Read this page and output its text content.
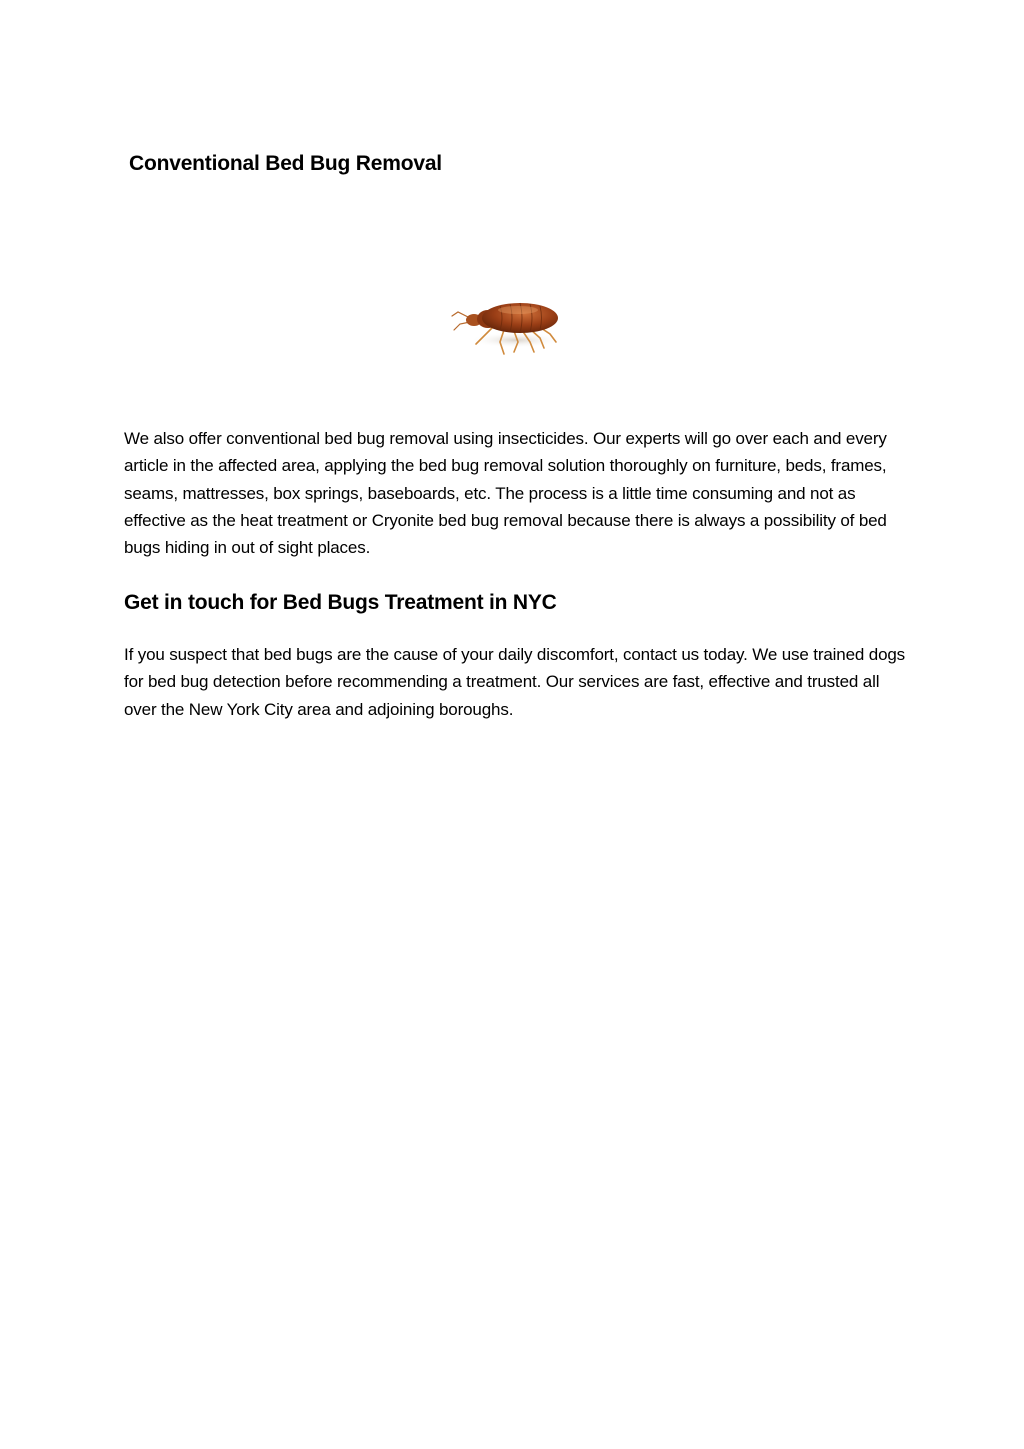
Conventional Bed Bug Removal

We also offer conventional bed bug removal using insecticides. Our experts will go over each and every article in the affected area, applying the bed bug removal solution thoroughly on furniture, beds, frames, seams, mattresses, box springs, baseboards, etc. The process is a little time consuming and not as effective as the heat treatment or Cryonite bed bug removal because there is always a possibility of bed bugs hiding in out of sight places.

Get in touch for Bed Bugs Treatment in NYC

If you suspect that bed bugs are the cause of your daily discomfort, contact us today. We use trained dogs for bed bug detection before recommending a treatment. Our services are fast, effective and trusted all over the New York City area and adjoining boroughs.
